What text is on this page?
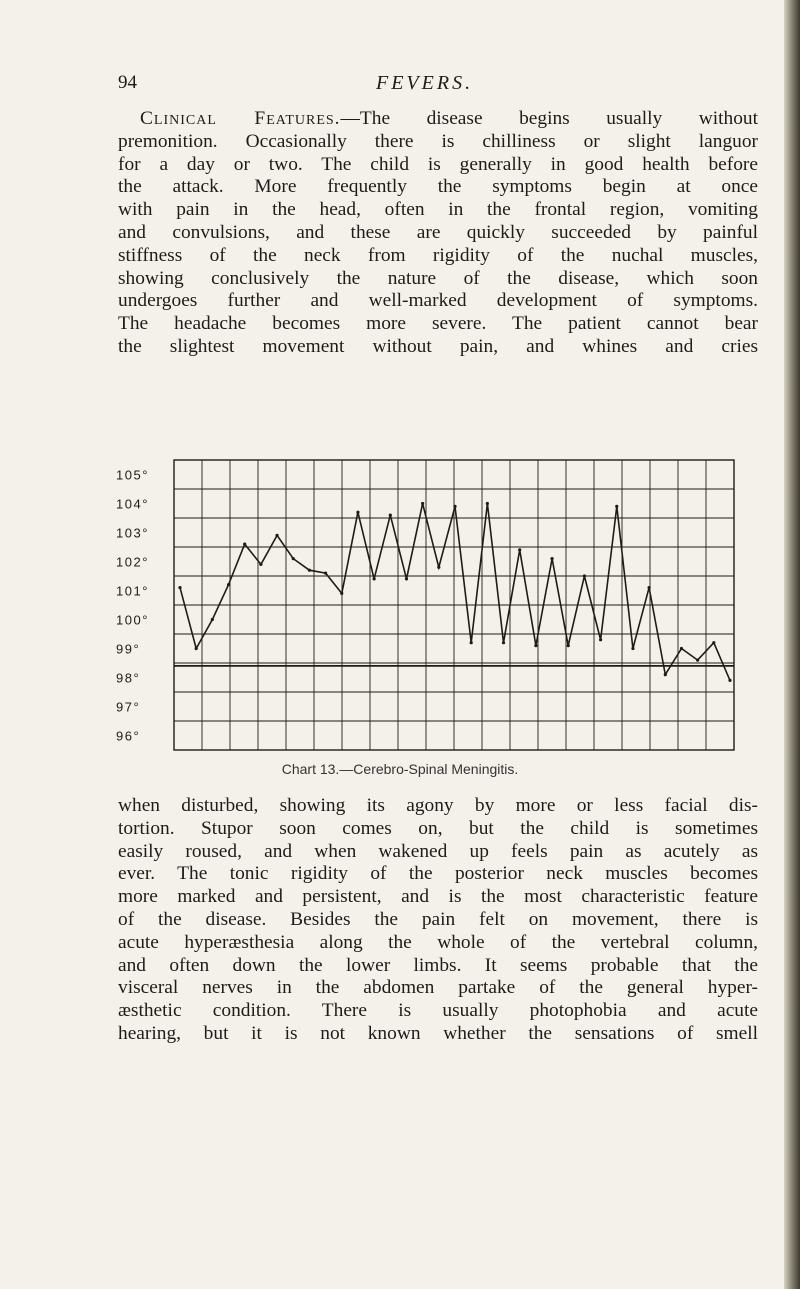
94	FEVERS.
Clinical Features.—The disease begins usually without
premonition. Occasionally there is chilliness or slight languor
for a day or two. The child is generally in good health before
the attack. More frequently the symptoms begin at once
with pain in the head, often in the frontal region, vomiting
and convulsions, and these are quickly succeeded by painful
stiffness of the neck from rigidity of the nuchal muscles,
showing conclusively the nature of the disease, which soon
undergoes further and well-marked development of symptoms.
The headache becomes more severe. The patient cannot bear
the slightest movement without pain, and whines and cries
105°
104°
103°
102°
101°
100°
99°
98°
97°
96°
Chart 13.—Cerebro-Spinal Meningitis.
when disturbed, showing its agony by more or less facial dis-
tortion. Stupor soon comes on, but the child is sometimes
easily roused, and when wakened up feels pain as acutely as
ever. The tonic rigidity of the posterior neck muscles becomes
more marked and persistent, and is the most characteristic feature
of the disease. Besides the pain felt on movement, there is
acute hyperæsthesia along the whole of the vertebral column,
and often down the lower limbs. It seems probable that the
visceral nerves in the abdomen partake of the general hyper-
æsthetic condition. There is usually photophobia and acute
hearing, but it is not known whether the sensations of smell
